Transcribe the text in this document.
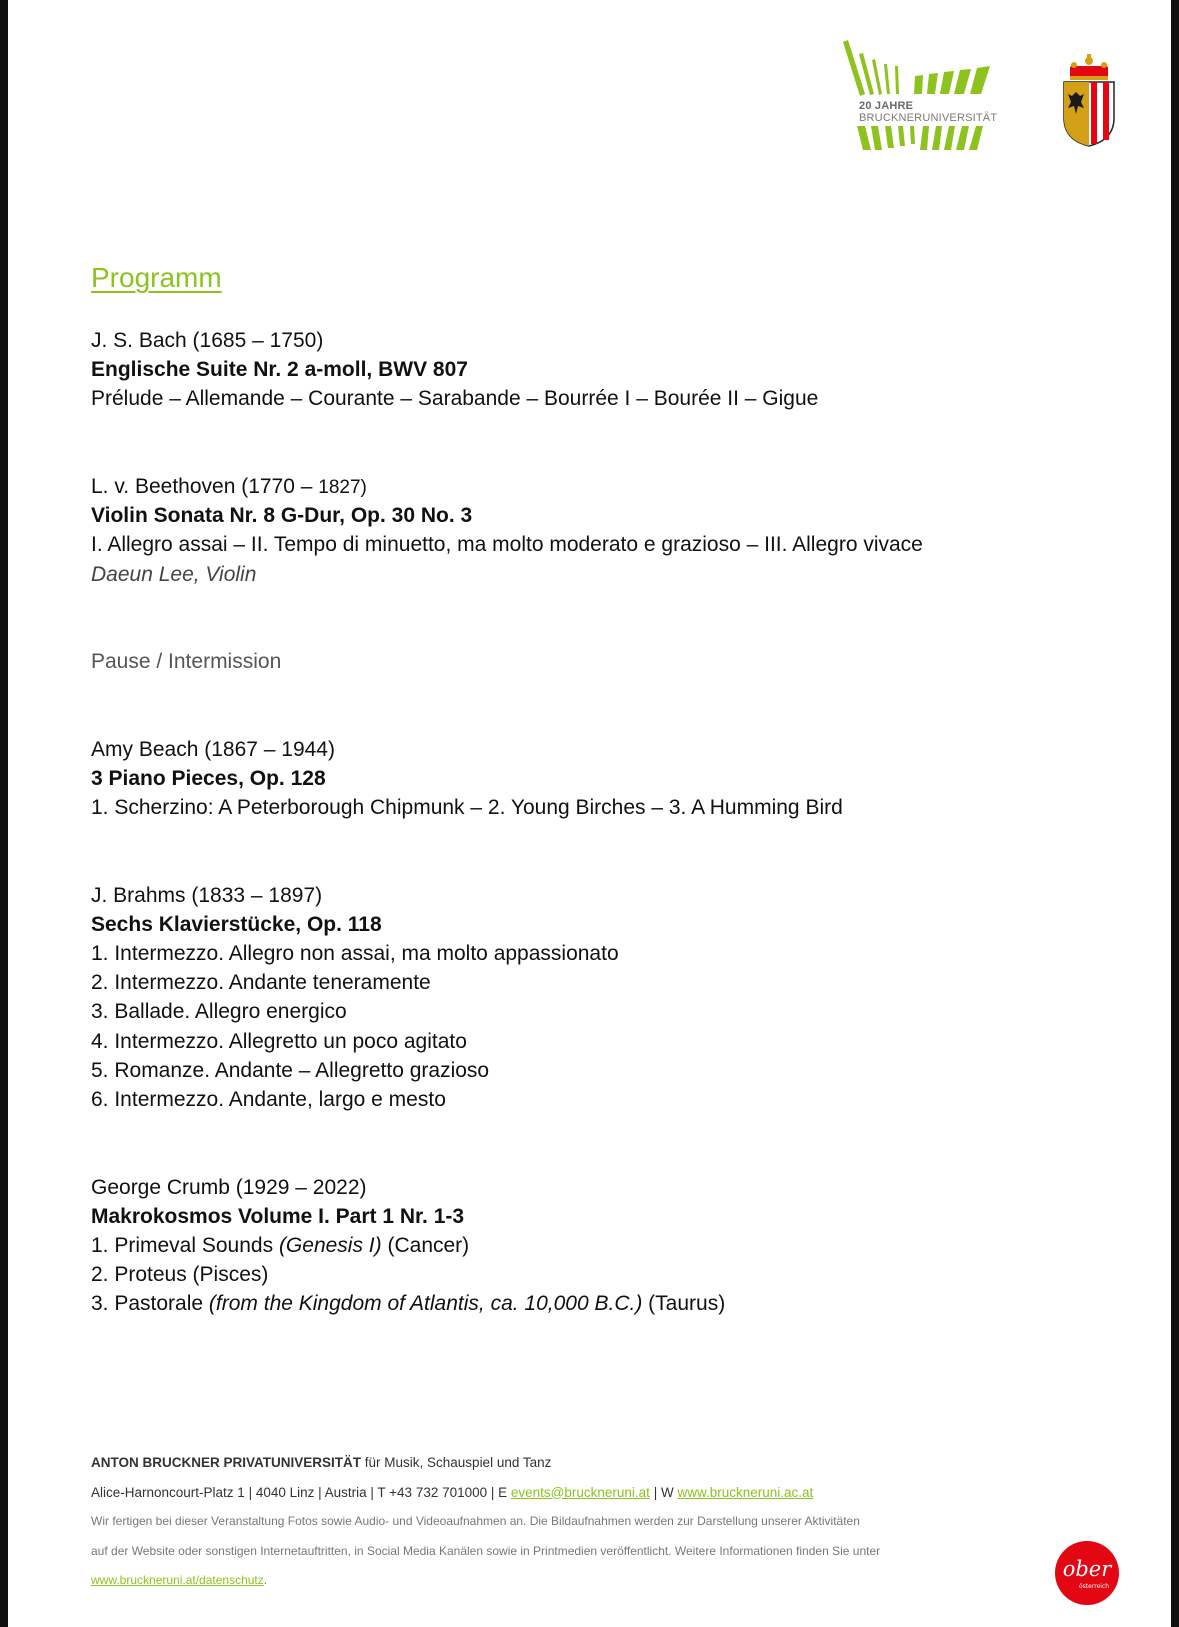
20 JAHRE
BRUCKNERUNIVERSITÄT
Programm
J. S. Bach (1685 – 1750)
Englische Suite Nr. 2 a-moll, BWV 807
Prélude – Allemande – Courante – Sarabande – Bourrée I – Bourée II – Gigue
L. v. Beethoven (1770 – 1827)
Violin Sonata Nr. 8 G-Dur, Op. 30 No. 3
I. Allegro assai – II. Tempo di minuetto, ma molto moderato e grazioso – III. Allegro vivace
Daeun Lee, Violin
Pause / Intermission
Amy Beach (1867 – 1944)
3 Piano Pieces, Op. 128
1. Scherzino: A Peterborough Chipmunk – 2. Young Birches – 3. A Humming Bird
J. Brahms (1833 – 1897)
Sechs Klavierstücke, Op. 118
1. Intermezzo. Allegro non assai, ma molto appassionato
2. Intermezzo. Andante teneramente
3. Ballade. Allegro energico
4. Intermezzo. Allegretto un poco agitato
5. Romanze. Andante – Allegretto grazioso
6. Intermezzo. Andante, largo e mesto
George Crumb (1929 – 2022)
Makrokosmos Volume I. Part 1 Nr. 1-3
1. Primeval Sounds (Genesis I) (Cancer)
2. Proteus (Pisces)
3. Pastorale (from the Kingdom of Atlantis, ca. 10,000 B.C.) (Taurus)
ANTON BRUCKNER PRIVATUNIVERSITÄT für Musik, Schauspiel und Tanz
Alice-Harnoncourt-Platz 1 | 4040 Linz | Austria | T +43 732 701000 | E events@bruckneruni.at | W www.bruckneruni.ac.at
Wir fertigen bei dieser Veranstaltung Fotos sowie Audio- und Videoaufnahmen an. Die Bildaufnahmen werden zur Darstellung unserer Aktivitäten
auf der Website oder sonstigen Internetauftritten, in Social Media Kanälen sowie in Printmedien veröffentlicht. Weitere Informationen finden Sie unter
www.bruckneruni.at/datenschutz.	ober
österreich
